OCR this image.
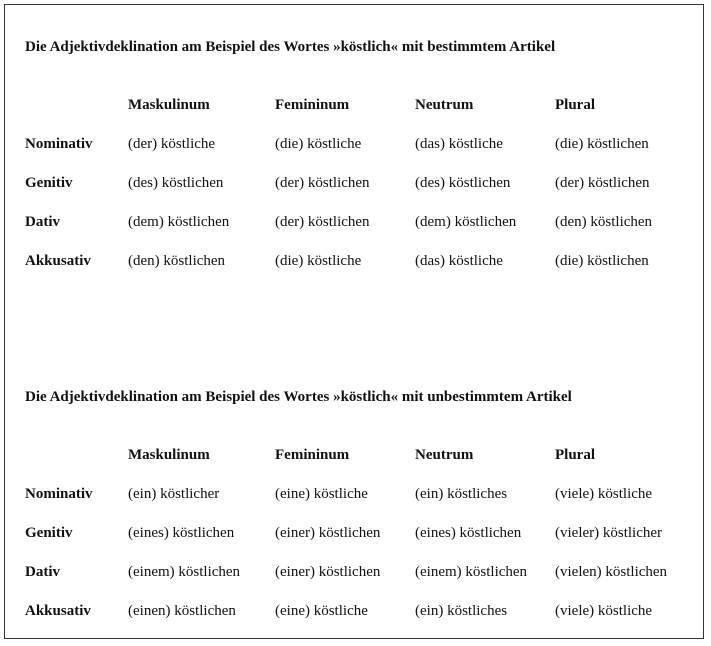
Die Adjektivdeklination am Beispiel des Wortes »köstlich« mit bestimmtem Artikel
Maskulinum	Femininum	Neutrum	Plural
Nominativ (der) köstliche	(die) köstliche	(das) köstliche	(die) köstlichen
Genitiv	(des) köstlichen	(der) köstlichen	(des) köstlichen	(der) köstlichen
Dativ	(dem) köstlichen	(der) köstlichen	(dem) köstlichen	(den) köstlichen
Akkusativ (den) köstlichen	(die) köstliche	(das) köstliche	(die) köstlichen
Die Adjektivdeklination am Beispiel des Wortes »köstlich« mit unbestimmtem Artikel
Maskulinum	Femininum	Neutrum	Plural
Nominativ (ein) köstlicher	(eine) köstliche	(ein) köstliches	(viele) köstliche
Genitiv	(eines) köstlichen	(einer) köstlichen (eines) köstlichen (vieler) köstlicher
Dativ	(einem) köstlichen (einer) köstlichen (einem) köstlichen (vielen) köstlichen
Akkusativ (einen) köstlichen	(eine) köstliche	(ein) köstliches	(viele) köstliche
